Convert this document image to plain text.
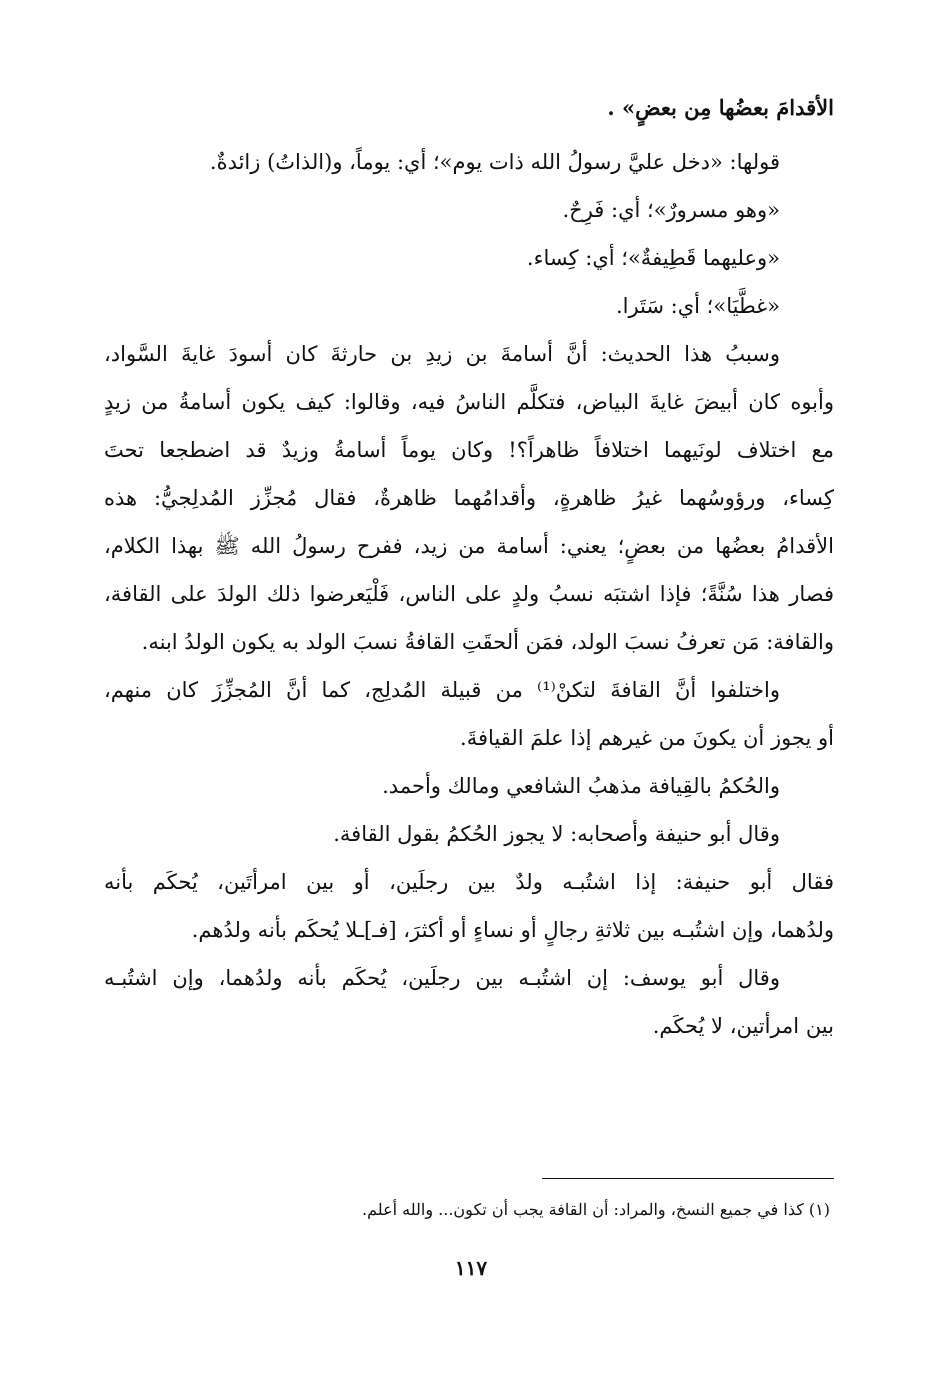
الأقدامَ بعضُها مِن بعضٍ» .
قولها: «دخل عليَّ رسولُ الله ذات يوم»؛ أي: يوماً، و(الذاتُ) زائدةٌ.
«وهو مسرورٌ»؛ أي: فَرِحٌ.
«وعليهما قَطِيفةٌ»؛ أي: كِساء.
«غطَّيَا»؛ أي: سَتَرا.
وسببُ هذا الحديث: أنَّ أسامةَ بن زيدِ بن حارثةَ كان أسودَ غايةَ السَّواد،
وأبوه كان أبيضَ غايةَ البياض، فتكلَّم الناسُ فيه، وقالوا: كيف يكون أسامةُ من زيدٍ
مع اختلاف لونَيهما اختلافاً ظاهراً؟! وكان يوماً أسامةُ وزيدٌ قد اضطجعا تحتَ
كِساء، ورؤوسُهما غيرُ ظاهرةٍ، وأقدامُهما ظاهرةٌ، فقال مُجزِّز المُدلِجيُّ: هذه
الأقدامُ بعضُها من بعضٍ؛ يعني: أسامة من زيد، ففرح رسولُ الله ﷺ بهذا الكلام،
فصار هذا سُنَّةً؛ فإذا اشتبَه نسبُ ولدٍ على الناس، فَلْيَعرضوا ذلك الولدَ على القافة،
والقافة: مَن تعرفُ نسبَ الولد، فمَن ألحقَتِ القافةُ نسبَ الولد به يكون الولدُ ابنه.
واختلفوا أنَّ القافةَ لتكنْ⁽¹⁾ من قبيلة المُدلِج، كما أنَّ المُجزِّزَ كان منهم،
أو يجوز أن يكونَ من غيرهم إذا علمَ القيافةَ.
والحُكمُ بالقِيافة مذهبُ الشافعي ومالك وأحمد.
وقال أبو حنيفة وأصحابه: لا يجوز الحُكمُ بقول القافة.
فقال أبو حنيفة: إذا اشتُبـه ولدٌ بين رجلَين، أو بين امرأتَين، يُحكَم بأنه
ولدُهما، وإن اشتُبـه بين ثلاثةِ رجالٍ أو نساءٍ أو أكثرَ، [فـ]ـلا يُحكَم بأنه ولدُهم.
وقال أبو يوسف: إن اشتُبـه بين رجلَين، يُحكَم بأنه ولدُهما، وإن اشتُبـه
بين امرأتين، لا يُحكَم.
(١) كذا في جميع النسخ، والمراد: أن القافة يجب أن تكون... والله أعلم.
١١٧
